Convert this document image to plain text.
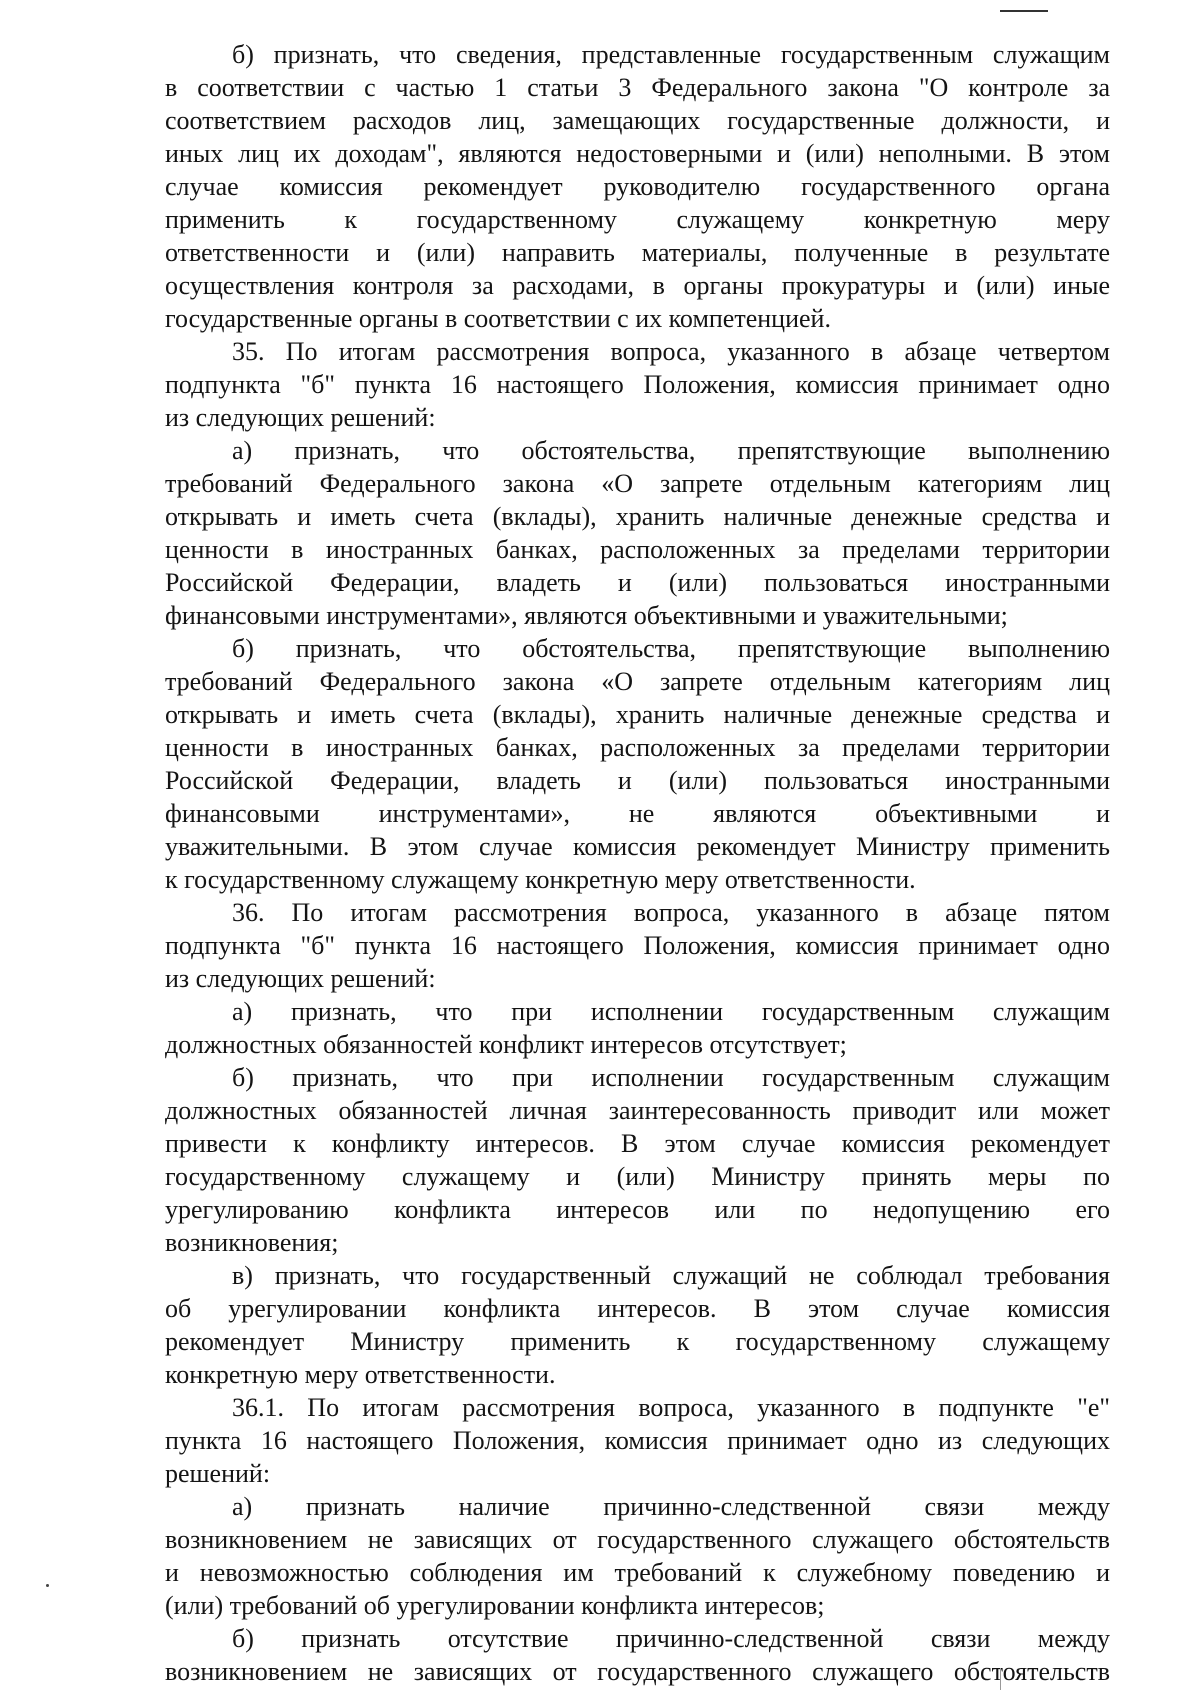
б) признать, что сведения, представленные государственным служащим

в соответствии с частью 1 статьи 3 Федерального закона "О контроле за

соответствием расходов лиц, замещающих государственные должности, и

иных лиц их доходам", являются недостоверными и (или) неполными. В этом

случае комиссия рекомендует руководителю государственного органа

применить к государственному служащему конкретную меру

ответственности и (или) направить материалы, полученные в результате

осуществления контроля за расходами, в органы прокуратуры и (или) иные

государственные органы в соответствии с их компетенцией.

35. По итогам рассмотрения вопроса, указанного в абзаце четвертом

подпункта "б" пункта 16 настоящего Положения, комиссия принимает одно

из следующих решений:

а) признать, что обстоятельства, препятствующие выполнению

требований Федерального закона «О запрете отдельным категориям лиц

открывать и иметь счета (вклады), хранить наличные денежные средства и

ценности в иностранных банках, расположенных за пределами территории

Российской Федерации, владеть и (или) пользоваться иностранными

финансовыми инструментами», являются объективными и уважительными;

б) признать, что обстоятельства, препятствующие выполнению

требований Федерального закона «О запрете отдельным категориям лиц

открывать и иметь счета (вклады), хранить наличные денежные средства и

ценности в иностранных банках, расположенных за пределами территории

Российской Федерации, владеть и (или) пользоваться иностранными

финансовыми инструментами», не являются объективными и

уважительными. В этом случае комиссия рекомендует Министру применить

к государственному служащему конкретную меру ответственности.

36. По итогам рассмотрения вопроса, указанного в абзаце пятом

подпункта "б" пункта 16 настоящего Положения, комиссия принимает одно

из следующих решений:

а) признать, что при исполнении государственным служащим

должностных обязанностей конфликт интересов отсутствует;

б) признать, что при исполнении государственным служащим

должностных обязанностей личная заинтересованность приводит или может

привести к конфликту интересов. В этом случае комиссия рекомендует

государственному служащему и (или) Министру принять меры по

урегулированию конфликта интересов или по недопущению его

возникновения;

в) признать, что государственный служащий не соблюдал требования

об урегулировании конфликта интересов. В этом случае комиссия

рекомендует Министру применить к государственному служащему

конкретную меру ответственности.

36.1. По итогам рассмотрения вопроса, указанного в подпункте "е"

пункта 16 настоящего Положения, комиссия принимает одно из следующих

решений:

а) признать наличие причинно-следственной связи между

возникновением не зависящих от государственного служащего обстоятельств

и невозможностью соблюдения им требований к служебному поведению и

(или) требований об урегулировании конфликта интересов;

б) признать отсутствие причинно-следственной связи между

возникновением не зависящих от государственного служащего обстоятельств
